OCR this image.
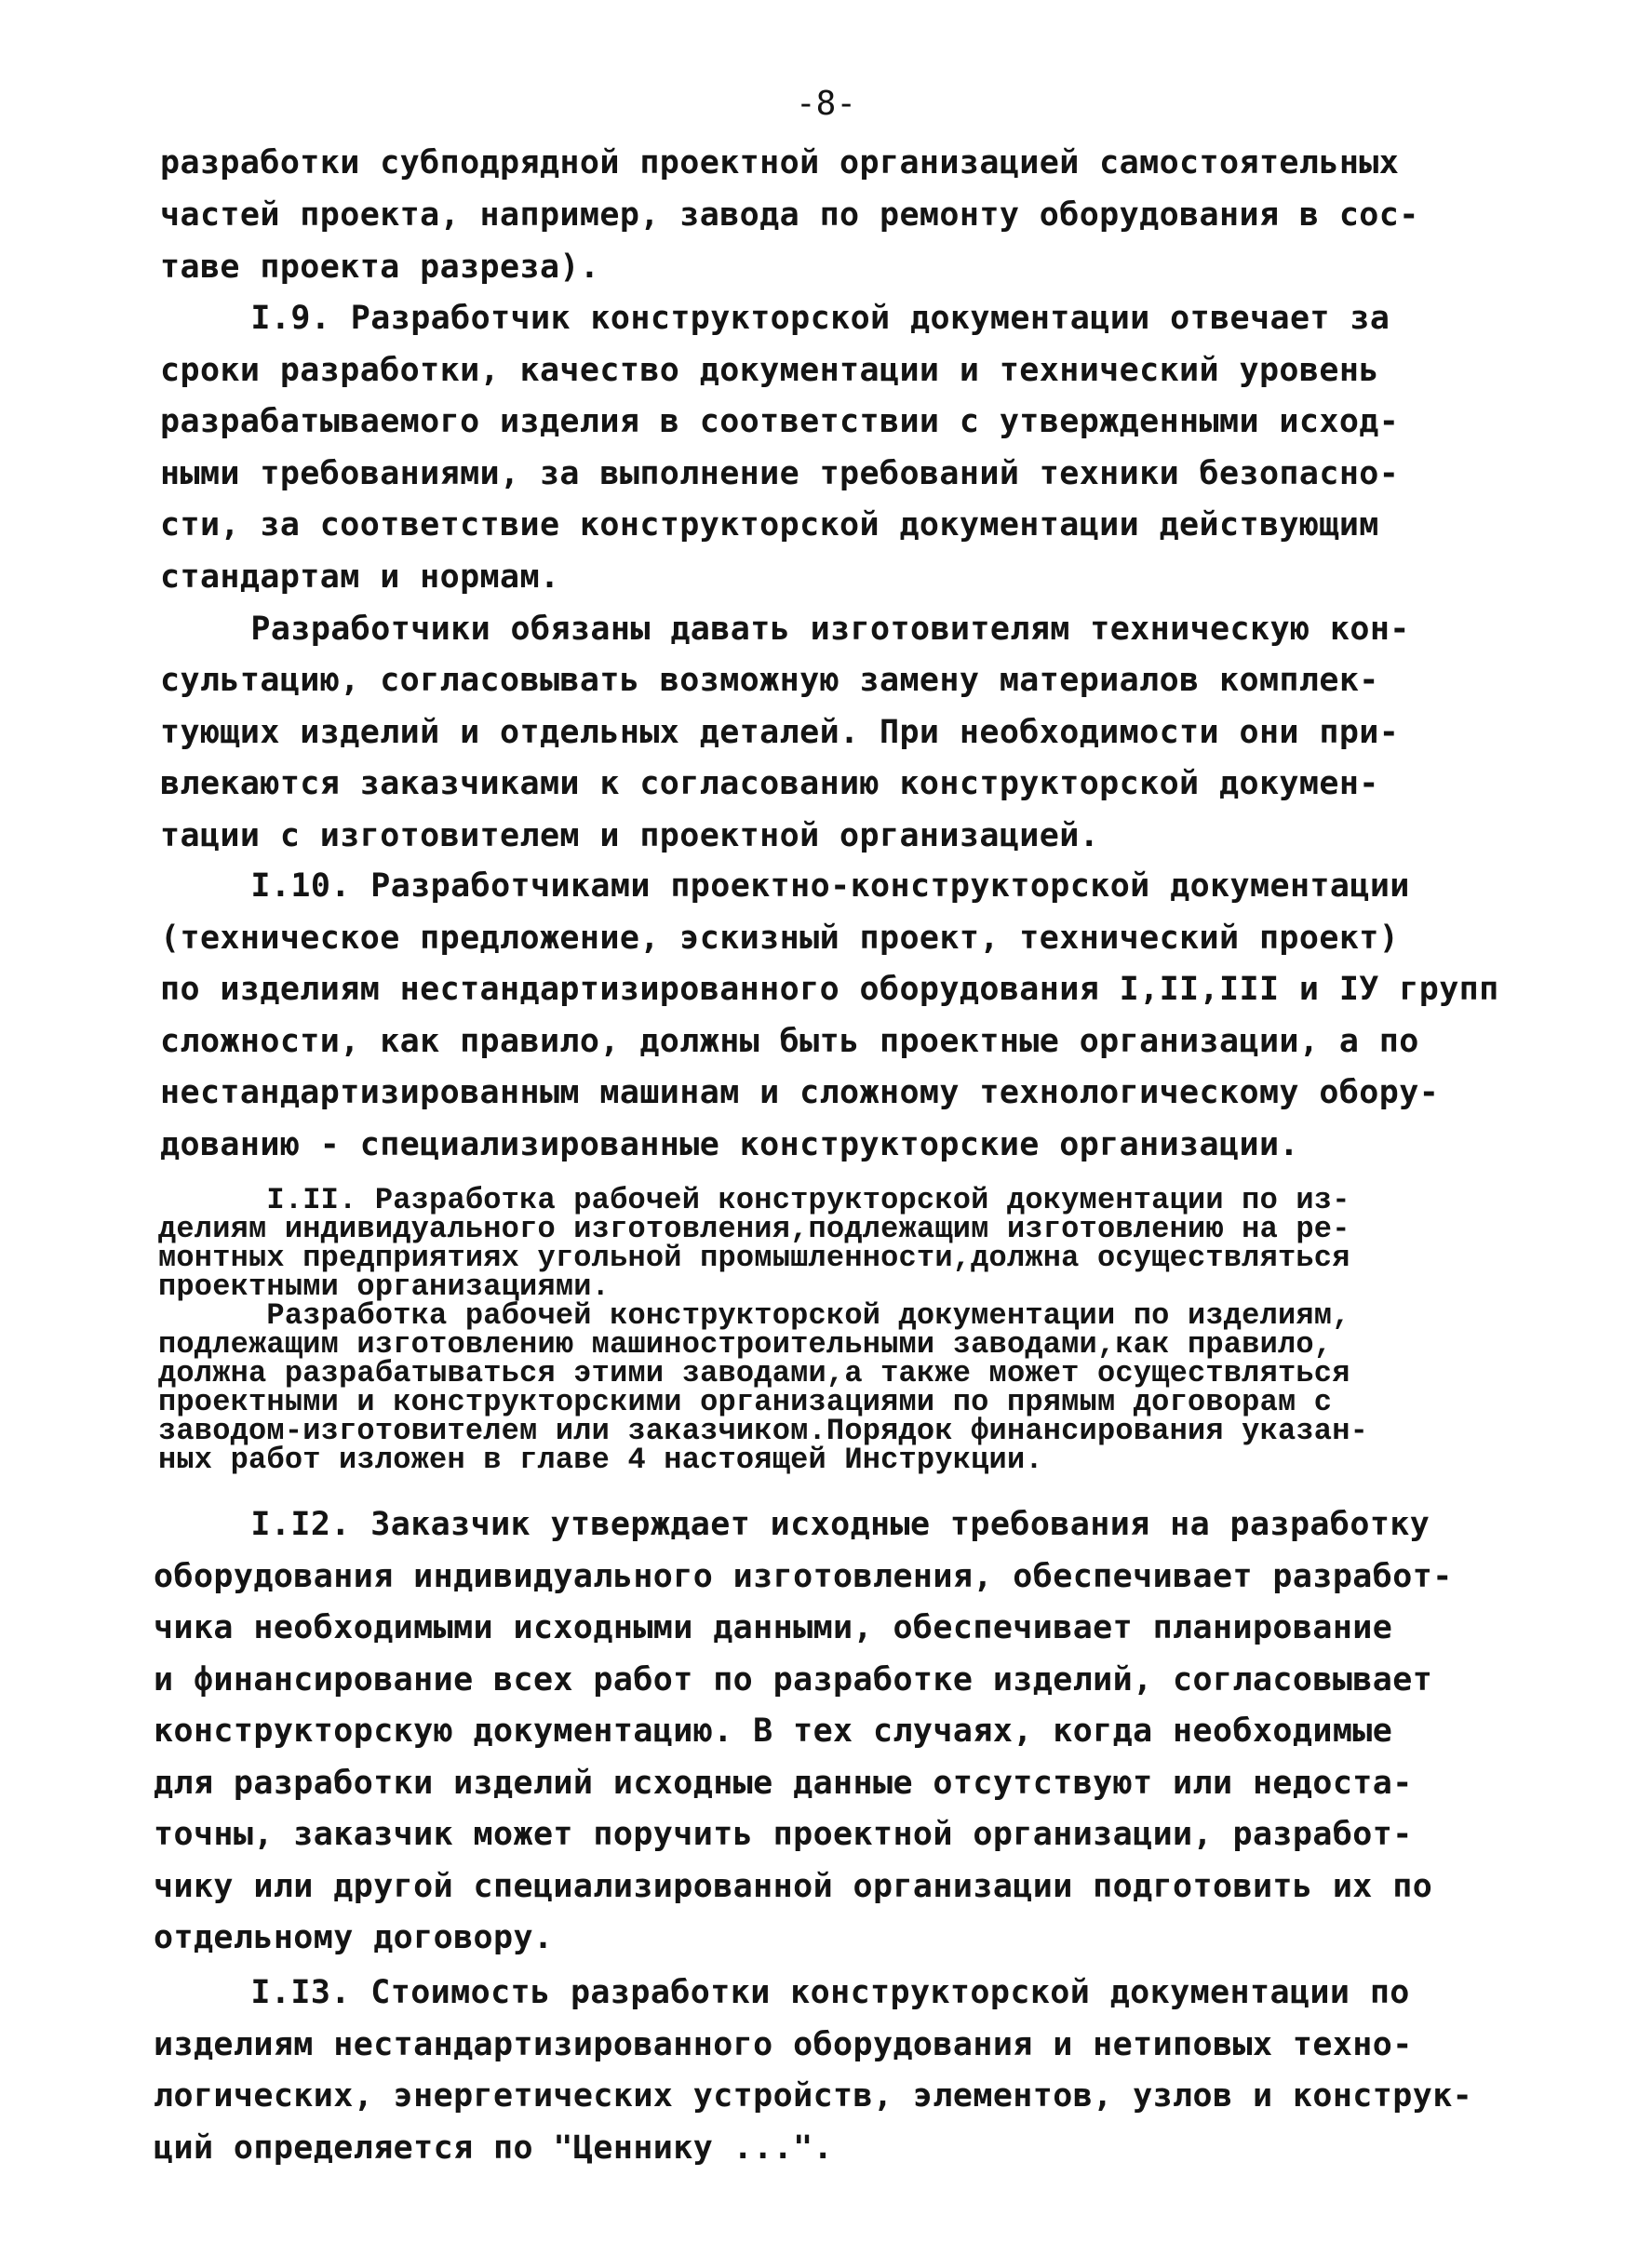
-8-

разработки субподрядной проектной организацией самостоятельных

частей проекта, например, завода по ремонту оборудования в сос-

таве проекта разреза).

I.9. Разработчик конструкторской документации отвечает за

сроки разработки, качество документации и технический уровень

разрабатываемого изделия в соответствии с утвержденными исход-

ными требованиями, за выполнение требований техники безопасно-

сти, за соответствие конструкторской документации действующим

стандартам и нормам.

Разработчики обязаны давать изготовителям техническую кон-

сультацию, согласовывать возможную замену материалов комплек-

тующих изделий и отдельных деталей. При необходимости они при-

влекаются заказчиками к согласованию конструкторской докумен-

тации с изготовителем и проектной организацией.

I.10. Разработчиками проектно-конструкторской документации

(техническое предложение, эскизный проект, технический проект)

по изделиям нестандартизированного оборудования I,II,III и IУ групп

сложности, как правило, должны быть проектные организации, а по

нестандартизированным машинам и сложному технологическому обору-

дованию - специализированные конструкторские организации.

I.II. Разработка рабочей конструкторской документации по из-

делиям индивидуального изготовления,подлежащим изготовлению на ре-

монтных предприятиях угольной промышленности,должна осуществляться

проектными организациями.

Разработка рабочей конструкторской документации по изделиям,

подлежащим изготовлению машиностроительными заводами,как правило,

должна разрабатываться этими заводами,а также может осуществляться

проектными и конструкторскими организациями по прямым договорам с

заводом-изготовителем или заказчиком.Порядок финансирования указан-

ных работ изложен в главе 4 настоящей Инструкции.

I.I2. Заказчик утверждает исходные требования на разработку

оборудования индивидуального изготовления, обеспечивает разработ-

чика необходимыми исходными данными, обеспечивает планирование

и финансирование всех работ по разработке изделий, согласовывает

конструкторскую документацию. В тех случаях, когда необходимые

для разработки изделий исходные данные отсутствуют или недоста-

точны, заказчик может поручить проектной организации, разработ-

чику или другой специализированной организации подготовить их по

отдельному договору.

I.I3. Стоимость разработки конструкторской документации по

изделиям нестандартизированного оборудования и нетиповых техно-

логических, энергетических устройств, элементов, узлов и конструк-

ций определяется по "Ценнику ...".
